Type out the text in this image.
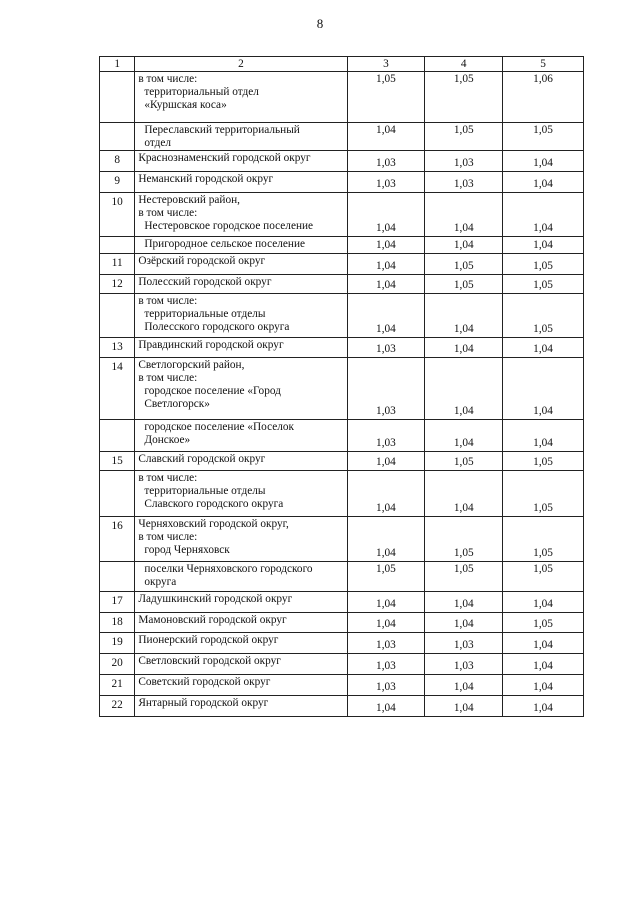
8
1	2	3	4	5

	в том числе:
территориальный отдел
«Куршская коса»	1,05	1,05	1,06

	Переславский территориальный
отдел	1,04	1,05	1,05
8	Краснознаменский городской округ	1,03	1,03	1,04
9	Неманский городской округ	1,03	1,03	1,04
10	Нестеровский район,
в том числе:
Нестеровское городское поселение	1,04	1,04	1,04

	Пригородное сельское поселение	1,04	1,04	1,04
11	Озёрский городской округ	1,04	1,05	1,05
12	Полесский городской округ	1,04	1,05	1,05

	в том числе:
территориальные отделы
Полесского городского округа	1,04	1,04	1,05
13	Правдинский городской округ	1,03	1,04	1,04
14	Светлогорский район,
в том числе:
городское поселение «Город
Светлогорск»	1,03	1,04	1,04

	городское поселение «Поселок
Донское»	1,03	1,04	1,04
15	Славский городской округ	1,04	1,05	1,05

	в том числе:
территориальные отделы
Славского городского округа	1,04	1,04	1,05
16	Черняховский городской округ,
в том числе:
город Черняховск	1,04	1,05	1,05

	поселки Черняховского городского
округа	1,05	1,05	1,05
17	Ладушкинский городской округ	1,04	1,04	1,04
18	Мамоновский городской округ	1,04	1,04	1,05
19	Пионерский городской округ	1,03	1,03	1,04
20	Светловский городской округ	1,03	1,03	1,04
21	Советский городской округ	1,03	1,04	1,04
22	Янтарный городской округ	1,04	1,04	1,04
